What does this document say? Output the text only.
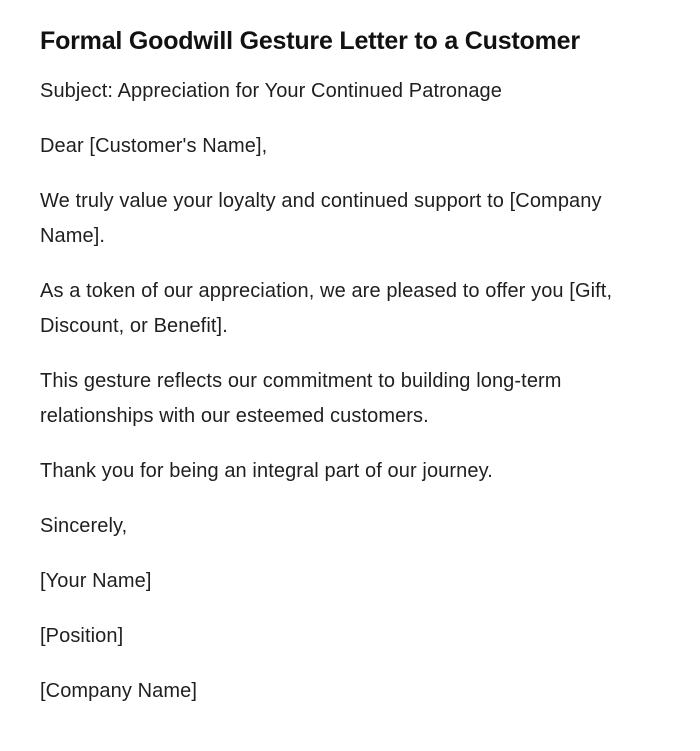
Formal Goodwill Gesture Letter to a Customer

Subject: Appreciation for Your Continued Patronage

Dear [Customer's Name],

We truly value your loyalty and continued support to [Company Name].

As a token of our appreciation, we are pleased to offer you [Gift, Discount, or Benefit].

This gesture reflects our commitment to building long-term relationships with our esteemed customers.

Thank you for being an integral part of our journey.

Sincerely,

[Your Name]

[Position]

[Company Name]
